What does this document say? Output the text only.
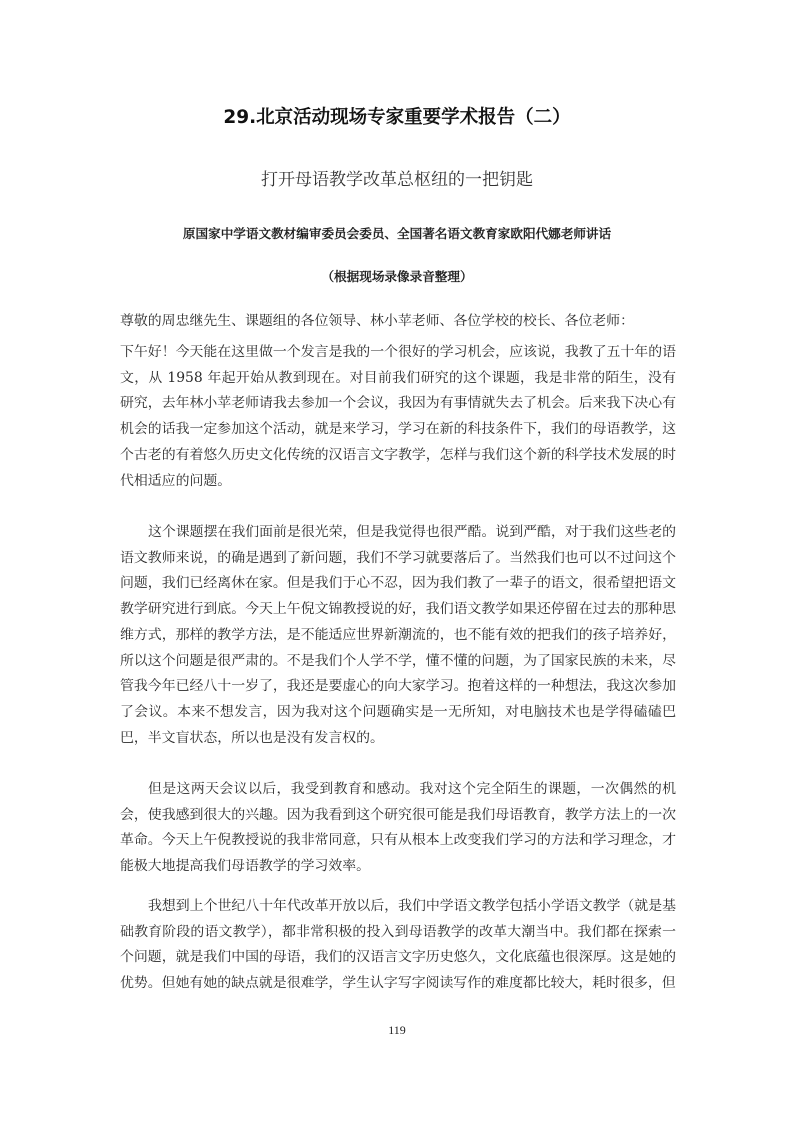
29.北京活动现场专家重要学术报告（二）
打开母语教学改革总枢纽的一把钥匙
原国家中学语文教材编审委员会委员、全国著名语文教育家欧阳代娜老师讲话
（根据现场录像录音整理）
尊敬的周忠继先生、课题组的各位领导、林小苹老师、各位学校的校长、各位老师：
下午好！今天能在这里做一个发言是我的一个很好的学习机会，应该说，我教了五十年的语文，从 1958 年起开始从教到现在。对目前我们研究的这个课题，我是非常的陌生，没有研究，去年林小苹老师请我去参加一个会议，我因为有事情就失去了机会。后来我下决心有机会的话我一定参加这个活动，就是来学习，学习在新的科技条件下，我们的母语教学，这个古老的有着悠久历史文化传统的汉语言文字教学，怎样与我们这个新的科学技术发展的时代相适应的问题。
这个课题摆在我们面前是很光荣，但是我觉得也很严酷。说到严酷，对于我们这些老的语文教师来说，的确是遇到了新问题，我们不学习就要落后了。当然我们也可以不过问这个问题，我们已经离休在家。但是我们于心不忍，因为我们教了一辈子的语文，很希望把语文教学研究进行到底。今天上午倪文锦教授说的好，我们语文教学如果还停留在过去的那种思维方式，那样的教学方法，是不能适应世界新潮流的，也不能有效的把我们的孩子培养好，所以这个问题是很严肃的。不是我们个人学不学，懂不懂的问题，为了国家民族的未来，尽管我今年已经八十一岁了，我还是要虚心的向大家学习。抱着这样的一种想法，我这次参加了会议。本来不想发言，因为我对这个问题确实是一无所知，对电脑技术也是学得磕磕巴巴，半文盲状态，所以也是没有发言权的。
但是这两天会议以后，我受到教育和感动。我对这个完全陌生的课题，一次偶然的机会，使我感到很大的兴趣。因为我看到这个研究很可能是我们母语教育，教学方法上的一次革命。今天上午倪教授说的我非常同意，只有从根本上改变我们学习的方法和学习理念，才能极大地提高我们母语教学的学习效率。
我想到上个世纪八十年代改革开放以后，我们中学语文教学包括小学语文教学（就是基础教育阶段的语文教学），都非常积极的投入到母语教学的改革大潮当中。我们都在探索一个问题，就是我们中国的母语，我们的汉语言文字历史悠久，文化底蕴也很深厚。这是她的优势。但她有她的缺点就是很难学，学生认字写字阅读写作的难度都比较大，耗时很多，但
119
